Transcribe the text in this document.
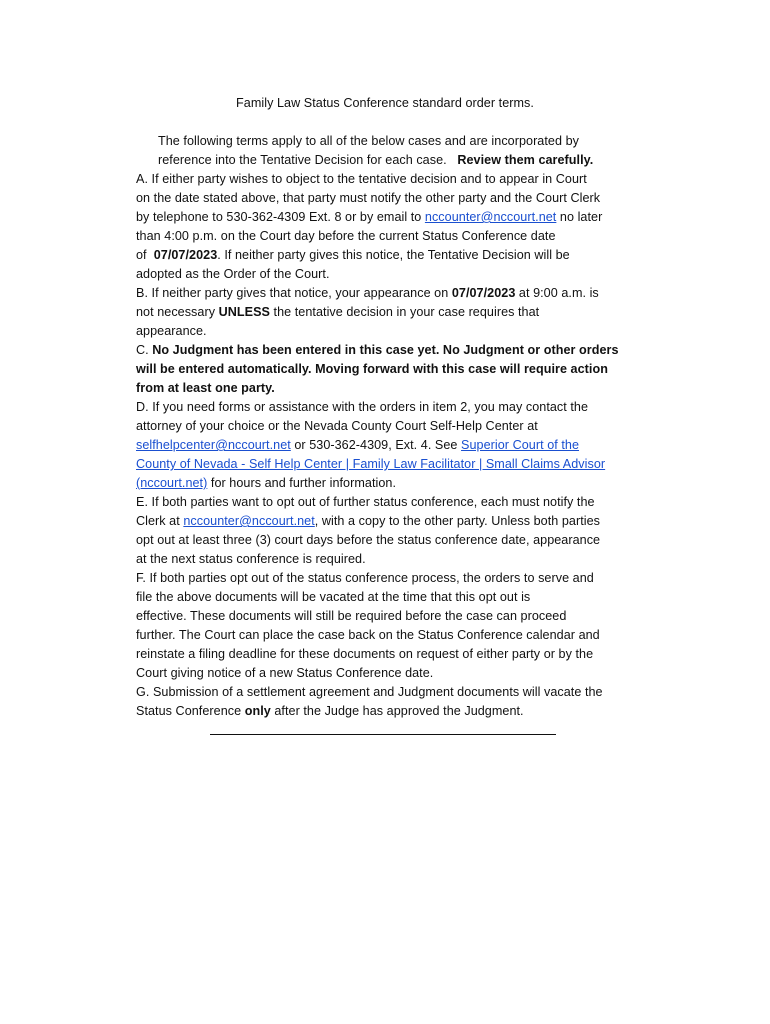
Family Law Status Conference standard order terms.
The following terms apply to all of the below cases and are incorporated by
reference into the Tentative Decision for each case. Review them carefully.
A. If either party wishes to object to the tentative decision and to appear in Court
on the date stated above, that party must notify the other party and the Court Clerk
by telephone to 530-362-4309 Ext. 8 or by email to nccounter@nccourt.net no later
than 4:00 p.m. on the Court day before the current Status Conference date
of  07/07/2023. If neither party gives this notice, the Tentative Decision will be
adopted as the Order of the Court.
B. If neither party gives that notice, your appearance on 07/07/2023 at 9:00 a.m. is
not necessary UNLESS the tentative decision in your case requires that
appearance.
C. No Judgment has been entered in this case yet. No Judgment or other orders
will be entered automatically. Moving forward with this case will require action
from at least one party.
D. If you need forms or assistance with the orders in item 2, you may contact the
attorney of your choice or the Nevada County Court Self-Help Center at
selfhelpcenter@nccourt.net or 530-362-4309, Ext. 4. See Superior Court of the
County of Nevada - Self Help Center | Family Law Facilitator | Small Claims Advisor
(nccourt.net) for hours and further information.
E. If both parties want to opt out of further status conference, each must notify the
Clerk at nccounter@nccourt.net, with a copy to the other party. Unless both parties
opt out at least three (3) court days before the status conference date, appearance
at the next status conference is required.
F. If both parties opt out of the status conference process, the orders to serve and
file the above documents will be vacated at the time that this opt out is
effective. These documents will still be required before the case can proceed
further. The Court can place the case back on the Status Conference calendar and
reinstate a filing deadline for these documents on request of either party or by the
Court giving notice of a new Status Conference date.
G. Submission of a settlement agreement and Judgment documents will vacate the
Status Conference only after the Judge has approved the Judgment.
